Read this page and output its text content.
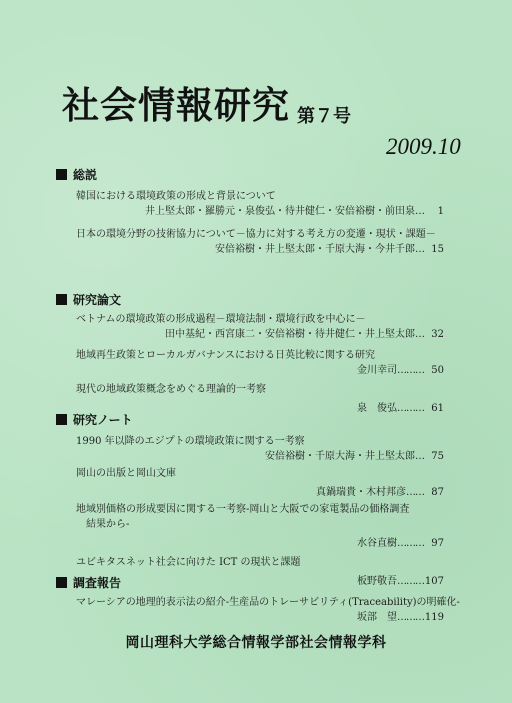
社会情報研究 第７号
2009.10
総説
韓国における環境政策の形成と背景について
井上堅太郎・羅勝元・泉俊弘・待井健仁・安倍裕樹・前田泉… 1
日本の環境分野の技術協力について－協力に対する考え方の変遷・現状・課題－
安倍裕樹・井上堅太郎・千原大海・今井千郎… 15
研究論文
ベトナムの環境政策の形成過程－環境法制・環境行政を中心に－
田中基紀・西宮康二・安倍裕樹・待井健仁・井上堅太郎… 32
地域再生政策とローカルガバナンスにおける日英比較に関する研究
金川幸司……… 50
現代の地域政策概念をめぐる理論的一考察
泉　俊弘……… 61
研究ノート
1990 年以降のエジプトの環境政策に関する一考察
安倍裕樹・千原大海・井上堅太郎… 75
岡山の出版と岡山文庫
真鍋瑞貴・木村邦彦…… 87
地域別価格の形成要因に関する一考察-岡山と大阪での家電製品の価格調査
結果から-
水谷直樹……… 97
ユビキタスネット社会に向けた ICT の現状と課題
板野敬吾………107
調査報告
マレーシアの地理的表示法の紹介-生産品のトレーサビリティ(Traceability)の明確化-
坂部　望………119
岡山理科大学総合情報学部社会情報学科
